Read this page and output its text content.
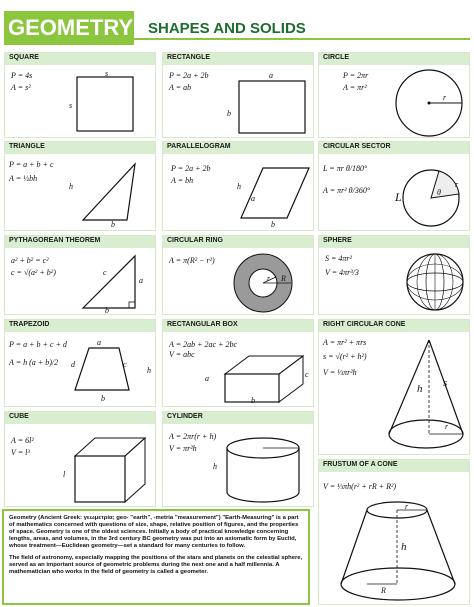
GEOMETRY SHAPES AND SOLIDS
SQUARE
P = 4s
A = s²
s
s
RECTANGLE
P = 2a + 2b
A = ab
a
b
CIRCLE
P = 2πr
A = πr²
r
TRIANGLE
P = a + b + c
A = ½bh
h
b
PARALLELOGRAM
P = 2a + 2b
A = bh
h
a
b
CIRCULAR SECTOR
L = πr θ/180°
A = πr² θ/360°	L	θ
r
PYTHAGOREAN THEOREM
a² + b² = c²
c = √(a² + b²)	c
a
b
CIRCULAR RING
A = π(R² − r²)
r R
SPHERE
S = 4πr²
V = 4πr³/3
TRAPEZOID
P = a + b + c + d
A = h (a + b)/2
a
d	c
h
b
RECTANGULAR BOX
A = 2ab + 2ac + 2bc
V = abc
a
b
c
RIGHT CIRCULAR CONE
A = πr² + πrs
s = √(r² + h²)
V = ⅓πr²h
h s
r
CUBE
A = 6l²
V = l³
l
CYLINDER
A = 2πr(r + h)
V = πr²h
h	FRUSTUM OF A CONE
V = ⅓πh(r² + rR + R²)
r
h
R
Geometry (Ancient Greek: γεωμετρία; geo- "earth", -metria "measurement") "Earth-Measuring" is a part of mathematics concerned with questions of size, shape, relative position of figures, and the properties of space. Geometry is one of the oldest sciences. Initially a body of practical knowledge concerning lengths, areas, and volumes, in the 3rd century BC geometry was put into an axiomatic form by Euclid, whose treatment—Euclidean geometry—set a standard for many centuries to follow.
The field of astronomy, especially mapping the positions of the stars and planets on the celestial sphere, served as an important source of geometric problems during the next one and a half millennia. A mathematician who works in the field of geometry is called a geometer.
